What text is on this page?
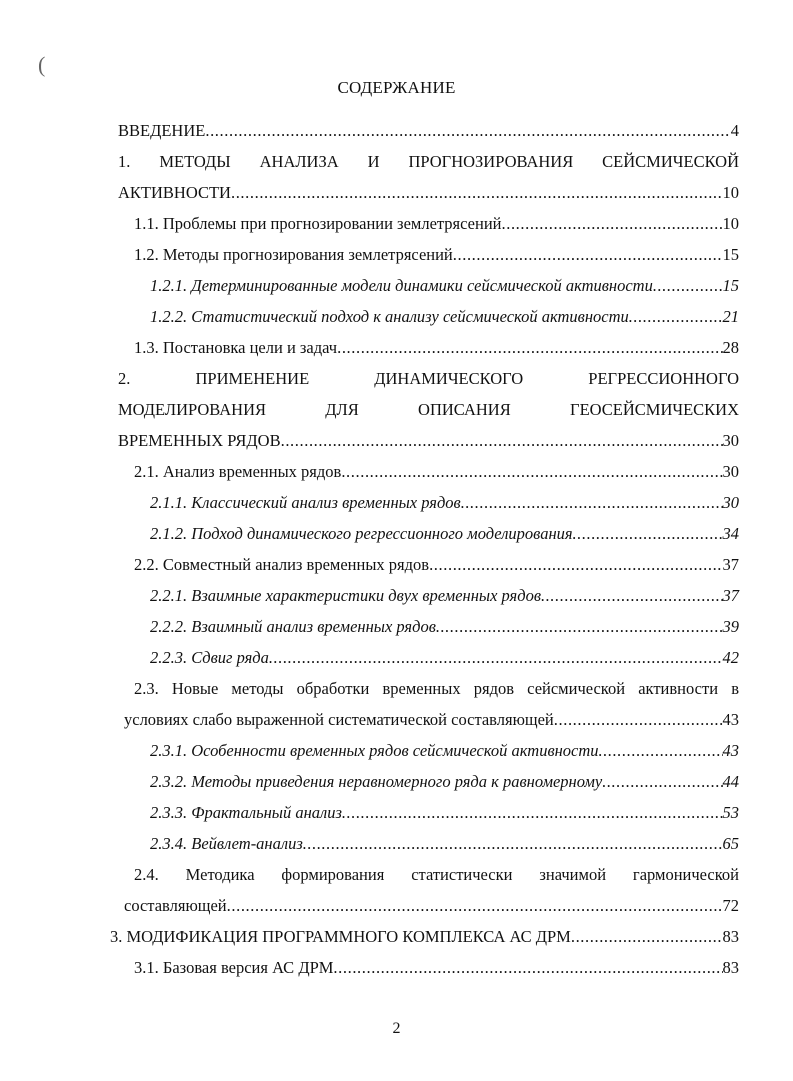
(
СОДЕРЖАНИЕ
ВВЕДЕНИЕ .....	4
1. МЕТОДЫ АНАЛИЗА И ПРОГНОЗИРОВАНИЯ СЕЙСМИЧЕСКОЙ
АКТИВНОСТИ .....	10
1.1. Проблемы при прогнозировании землетрясений .....	10
1.2. Методы прогнозирования землетрясений .....	15
1.2.1. Детерминированные модели динамики сейсмической активности .....	15
1.2.2. Статистический подход к анализу сейсмической активности .....	21
1.3. Постановка цели и задач .....	28
2. ПРИМЕНЕНИЕ ДИНАМИЧЕСКОГО РЕГРЕССИОННОГО
МОДЕЛИРОВАНИЯ ДЛЯ ОПИСАНИЯ ГЕОСЕЙСМИЧЕСКИХ
ВРЕМЕННЫХ РЯДОВ .....	30
2.1. Анализ временных рядов .....	30
2.1.1. Классический анализ временных рядов .....	30
2.1.2. Подход динамического регрессионного моделирования .....	34
2.2. Совместный анализ временных рядов .....	37
2.2.1. Взаимные характеристики двух временных рядов .....	37
2.2.2. Взаимный анализ временных рядов .....	39
2.2.3. Сдвиг ряда .....	42
2.3. Новые методы обработки временных рядов сейсмической активности в
условиях слабо выраженной систематической составляющей .....	43
2.3.1. Особенности временных рядов сейсмической активности .....	43
2.3.2. Методы приведения неравномерного ряда к равномерному .....	44
2.3.3. Фрактальный анализ .....	53
2.3.4. Вейвлет-анализ .....	65
2.4. Методика формирования статистически значимой гармонической
составляющей .....	72
3. МОДИФИКАЦИЯ ПРОГРАММНОГО КОМПЛЕКСА АС ДРМ .....	83
3.1. Базовая версия АС ДРМ .....	83
2
